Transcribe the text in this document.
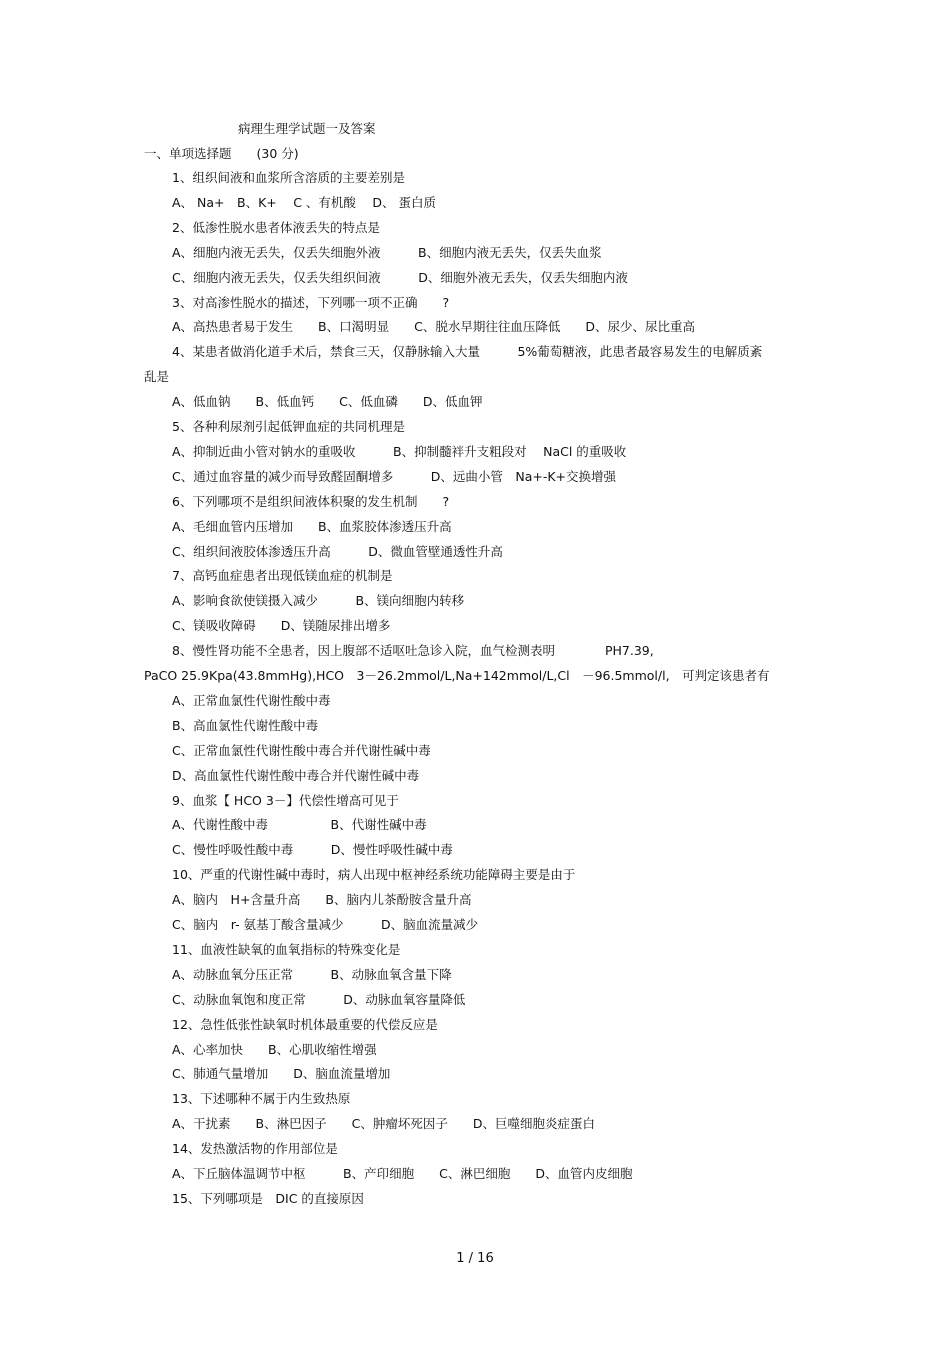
病理生理学试题一及答案
一、单项选择题　　(30 分)
1、组织间液和血浆所含溶质的主要差别是
A、 Na+　B、K+　 C 、有机酸　 D、 蛋白质
2、低渗性脱水患者体液丢失的特点是
A、细胞内液无丢失，仅丢失细胞外液　　　B、细胞内液无丢失，仅丢失血浆
C、细胞内液无丢失，仅丢失组织间液　　　D、细胞外液无丢失，仅丢失细胞内液
3、对高渗性脱水的描述，下列哪一项不正确　　?
A、高热患者易于发生　　B、口渴明显　　C、脱水早期往往血压降低　　D、尿少、尿比重高
4、某患者做消化道手术后，禁食三天，仅静脉输入大量　　　5%葡萄糖液，此患者最容易发生的电解质紊
乱是
A、低血钠　　B、低血钙　　C、低血磷　　D、低血钾
5、各种利尿剂引起低钾血症的共同机理是
A、抑制近曲小管对钠水的重吸收　　　B、抑制髓袢升支粗段对　 NaCl 的重吸收
C、通过血容量的减少而导致醛固酮增多　　　D、远曲小管　Na+-K+交换增强
6、下列哪项不是组织间液体积聚的发生机制　　?
A、毛细血管内压增加　　B、血浆胶体渗透压升高
C、组织间液胶体渗透压升高　　　D、微血管壁通透性升高
7、高钙血症患者出现低镁血症的机制是
A、影响食欲使镁摄入减少　　　B、镁向细胞内转移
C、镁吸收障碍　　D、镁随尿排出增多
8、慢性肾功能不全患者，因上腹部不适呕吐急诊入院，血气检测表明　　　　PH7.39,
PaCO 25.9Kpa(43.8mmHg),HCO　3－26.2mmol/L,Na+142mmol/L,Cl　－96.5mmol/l,　可判定该患者有
A、正常血氯性代谢性酸中毒
B、高血氯性代谢性酸中毒
C、正常血氯性代谢性酸中毒合并代谢性碱中毒
D、高血氯性代谢性酸中毒合并代谢性碱中毒
9、血浆【 HCO 3－】代偿性增高可见于
A、代谢性酸中毒　　　　　B、代谢性碱中毒
C、慢性呼吸性酸中毒　　　D、慢性呼吸性碱中毒
10、严重的代谢性碱中毒时，病人出现中枢神经系统功能障碍主要是由于
A、脑内　H+含量升高　　B、脑内儿茶酚胺含量升高
C、脑内　r- 氨基丁酸含量减少　　　D、脑血流量减少
11、血液性缺氧的血氧指标的特殊变化是
A、动脉血氧分压正常　　　B、动脉血氧含量下降
C、动脉血氧饱和度正常　　　D、动脉血氧容量降低
12、急性低张性缺氧时机体最重要的代偿反应是
A、心率加快　　B、心肌收缩性增强
C、肺通气量增加　　D、脑血流量增加
13、下述哪种不属于内生致热原
A、干扰素　　B、淋巴因子　　C、肿瘤坏死因子　　D、巨噬细胞炎症蛋白
14、发热激活物的作用部位是
A、下丘脑体温调节中枢　　　B、产印细胞　　C、淋巴细胞　　D、血管内皮细胞
15、下列哪项是　DIC 的直接原因
1 / 16
